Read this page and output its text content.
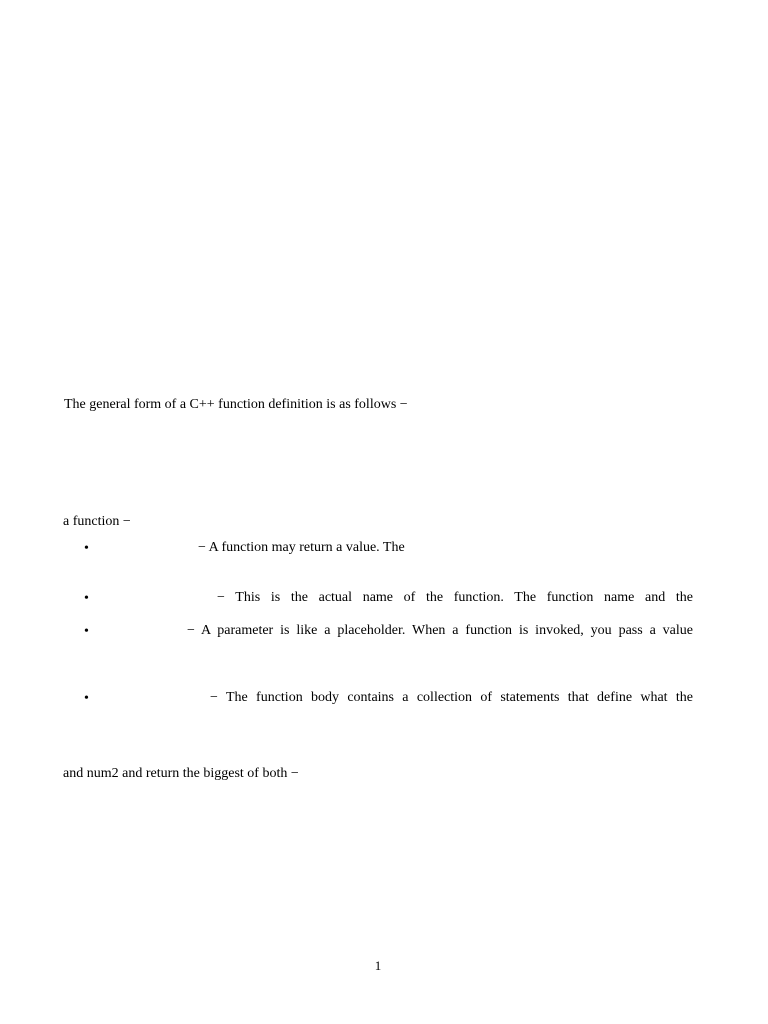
The general form of a C++ function definition is as follows −
a function −
•	− A function may return a value. The
•	− This is the actual name of the function. The function name and the
•	− A parameter is like a placeholder. When a function is invoked, you pass a value
•	− The function body contains a collection of statements that define what the
and num2 and return the biggest of both −
1
